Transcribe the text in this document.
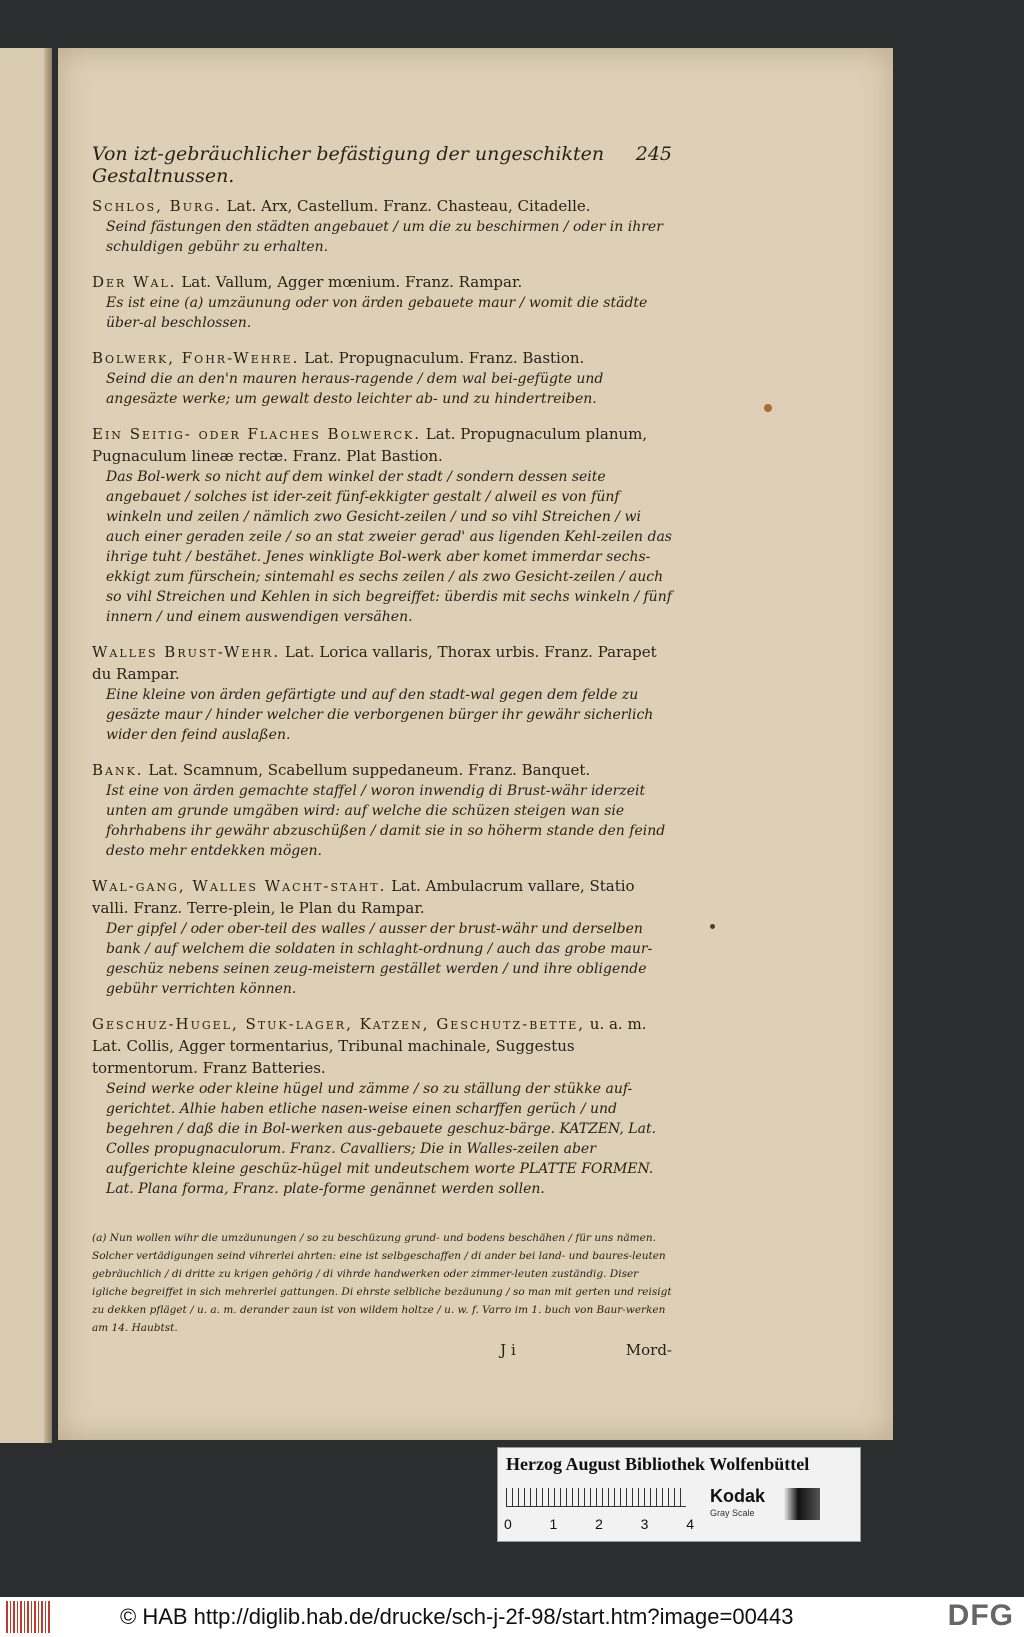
Von izt-gebräuchlicher befästigung der ungeschikten Gestaltnussen.
245
Schlos, Burg. Lat. Arx, Castellum. Franz. Chasteau, Citadelle.
Seind fästungen den städten angebauet / um die zu beschirmen / oder in ihrer schuldigen gebühr zu erhalten.
Der Wal. Lat. Vallum, Agger mœnium. Franz. Rampar.
Es ist eine (a) umzäunung oder von ärden gebauete maur / womit die städte über-al beschlossen.
Bolwerk, Fohr-Wehre. Lat. Propugnaculum. Franz. Bastion.
Seind die an den'n mauren heraus-ragende / dem wal bei-gefügte und angesäzte werke; um gewalt desto leichter ab- und zu hindertreiben.
Ein Seitig- oder Flaches Bolwerck. Lat. Propugnaculum planum, Pugnaculum lineæ rectæ. Franz. Plat Bastion.
Das Bol-werk so nicht auf dem winkel der stadt / sondern dessen seite angebauet / solches ist ider-zeit fünf-ekkigter gestalt / alweil es von fünf winkeln und zeilen / nämlich zwo Gesicht-zeilen / und so vihl Streichen / wi auch einer geraden zeile / so an stat zweier gerad' aus ligenden Kehl-zeilen das ihrige tuht / bestähet. Jenes winkligte Bol-werk aber komet immerdar sechs-ekkigt zum fürschein; sintemahl es sechs zeilen / als zwo Gesicht-zeilen / auch so vihl Streichen und Kehlen in sich begreiffet: überdis mit sechs winkeln / fünf innern / und einem auswendigen versähen.
Walles Brust-Wehr. Lat. Lorica vallaris, Thorax urbis. Franz. Parapet du Rampar.
Eine kleine von ärden gefärtigte und auf den stadt-wal gegen dem felde zu gesäzte maur / hinder welcher die verborgenen bürger ihr gewähr sicherlich wider den feind auslaßen.
Bank. Lat. Scamnum, Scabellum suppedaneum. Franz. Banquet.
Ist eine von ärden gemachte staffel / woron inwendig di Brust-währ iderzeit unten am grunde umgäben wird: auf welche die schüzen steigen wan sie fohrhabens ihr gewähr abzuschüßen / damit sie in so höherm stande den feind desto mehr entdekken mögen.
Wal-gang, Walles Wacht-staht. Lat. Ambulacrum vallare, Statio valli. Franz. Terre-plein, le Plan du Rampar.
Der gipfel / oder ober-teil des walles / ausser der brust-währ und derselben bank / auf welchem die soldaten in schlaght-ordnung / auch das grobe maur-geschüz nebens seinen zeug-meistern gestället werden / und ihre obligende gebühr verrichten können.
Geschuz-Hugel, Stuk-lager, Katzen, Geschutz-bette, u. a. m. Lat. Collis, Agger tormentarius, Tribunal machinale, Suggestus tormentorum. Franz Batteries.
Seind werke oder kleine hügel und zämme / so zu ställung der stükke auf-gerichtet. Alhie haben etliche nasen-weise einen scharffen gerüch / und begehren / daß die in Bol-werken aus-gebauete geschuz-bärge. KATZEN, Lat. Colles propugnaculorum. Franz. Cavalliers; Die in Walles-zeilen aber aufgerichte kleine geschüz-hügel mit undeutschem worte PLATTE FORMEN. Lat. Plana forma, Franz. plate-forme genännet werden sollen.
(a) Nun wollen wihr die umzäunungen / so zu beschüzung grund- und bodens beschähen / für uns nämen. Solcher vertädigungen seind vihrerlei ahrten: eine ist selbgeschaffen / di ander bei land- und baures-leuten gebräuchlich / di dritte zu krigen gehörig / di vihrde handwerken oder zimmer-leuten zuständig. Diser igliche begreiffet in sich mehrerlei gattungen. Di ehrste selbliche bezäunung / so man mit gerten und reisigt zu dekken pfläget / u. a. m. derander zaun ist von wildem holtze / u. w. f. Varro im 1. buch von Baur-werken am 14. Haubtst.
J i	Mord-
Herzog August Bibliothek Wolfenbüttel
0	1	2	3	4
Kodak
Gray Scale
© HAB http://diglib.hab.de/drucke/sch-j-2f-98/start.htm?image=00443	DFG
